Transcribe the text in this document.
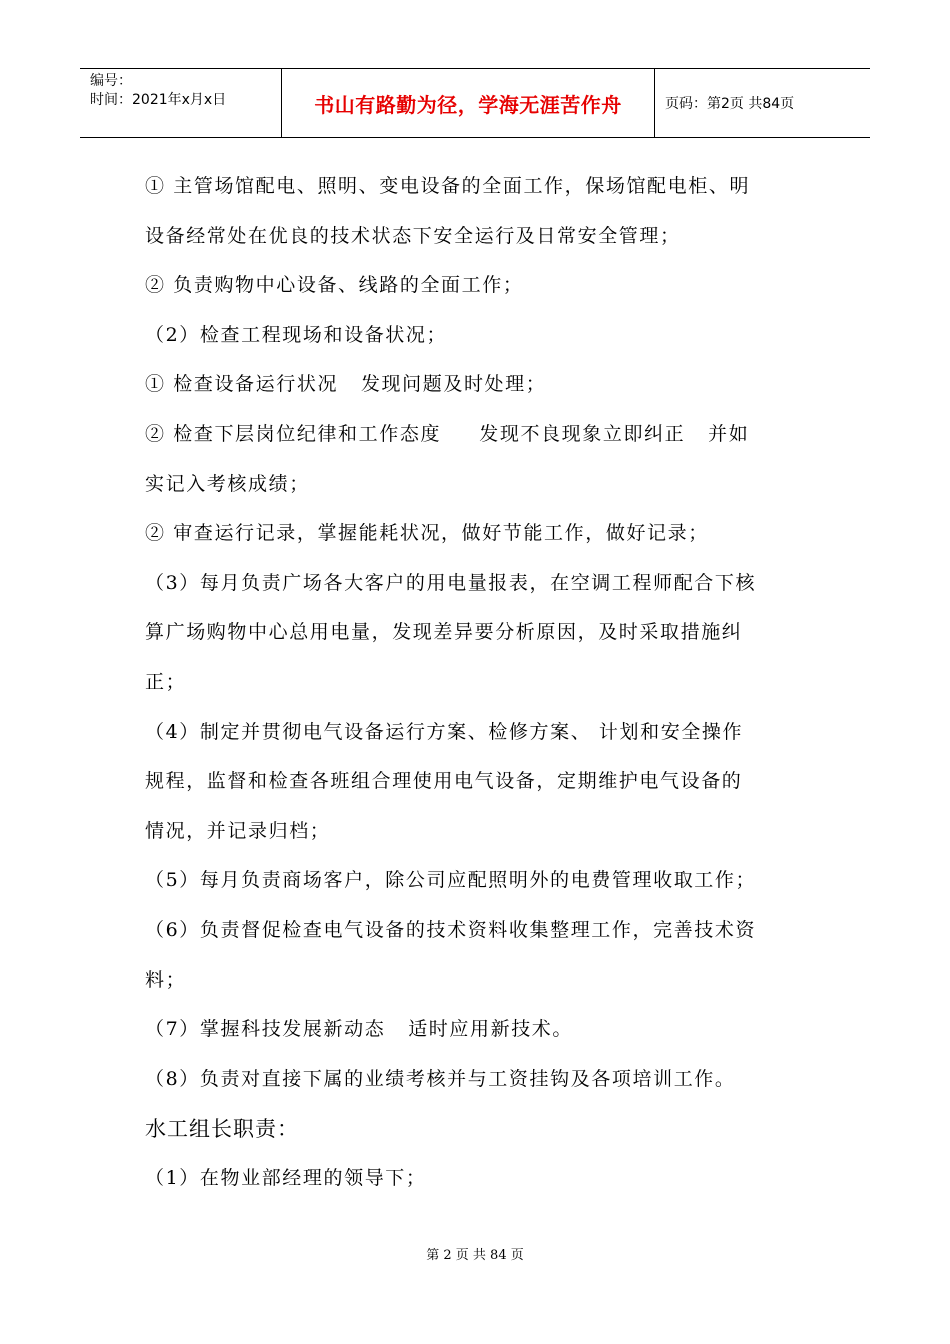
编号：
时间：2021年x月x日	书山有路勤为径，学海无涯苦作舟	页码：第2页 共84页
① 主管场馆配电、照明、变电设备的全面工作，保场馆配电柜、明
设备经常处在优良的技术状态下安全运行及日常安全管理；
② 负责购物中心设备、线路的全面工作；
（2）检查工程现场和设备状况；
① 检查设备运行状况   发现问题及时处理；
② 检查下层岗位纪律和工作态度     发现不良现象立即纠正   并如
实记入考核成绩；
② 审查运行记录，掌握能耗状况，做好节能工作，做好记录；
（3）每月负责广场各大客户的用电量报表，在空调工程师配合下核
算广场购物中心总用电量，发现差异要分析原因，及时采取措施纠
正；
（4）制定并贯彻电气设备运行方案、检修方案、 计划和安全操作
规程，监督和检查各班组合理使用电气设备，定期维护电气设备的
情况，并记录归档；
（5）每月负责商场客户，除公司应配照明外的电费管理收取工作；
（6）负责督促检查电气设备的技术资料收集整理工作，完善技术资
料；
（7）掌握科技发展新动态   适时应用新技术。
（8）负责对直接下属的业绩考核并与工资挂钩及各项培训工作。
水工组长职责：
（1）在物业部经理的领导下；
第 2 页 共 84 页
